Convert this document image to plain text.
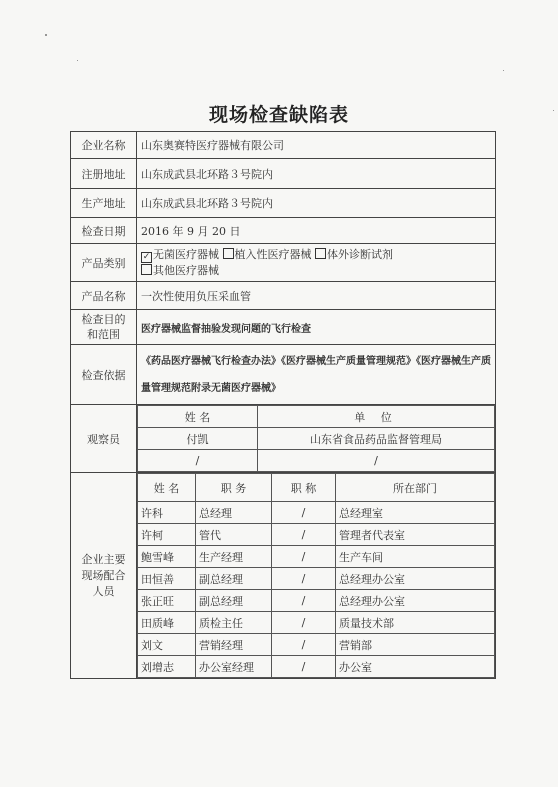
现场检查缺陷表
企业名称	山东奥赛特医疗器械有限公司
注册地址	山东成武县北环路３号院内
生产地址	山东成武县北环路３号院内
检查日期	2016 年 9 月 20 日
产品类别	✓ 无菌医疗器械 植入性医疗器械 体外诊断试剂
其他医疗器械
产品名称	一次性使用负压采血管
检查目的
和范围	医疗器械监督抽验发现问题的飞行检查
检查依据	《药品医疗器械飞行检查办法》《医疗器械生产质量管理规范》《医疗器械生产质量管理规范附录无菌医疗器械》
观察员	
姓 名	单 位
付凯	山东省食品药品监督管理局
/	/

企业主要
现场配合
人员	
姓 名	职 务	职 称	所在部门
许科	总经理	/	总经理室
许柯	管代	/	管理者代表室
鲍雪峰	生产经理	/	生产车间
田恒善	副总经理	/	总经理办公室
张正旺	副总经理	/	总经理办公室
田质峰	质检主任	/	质量技术部
刘文	营销经理	/	营销部
刘增志	办公室经理	/	办公室
